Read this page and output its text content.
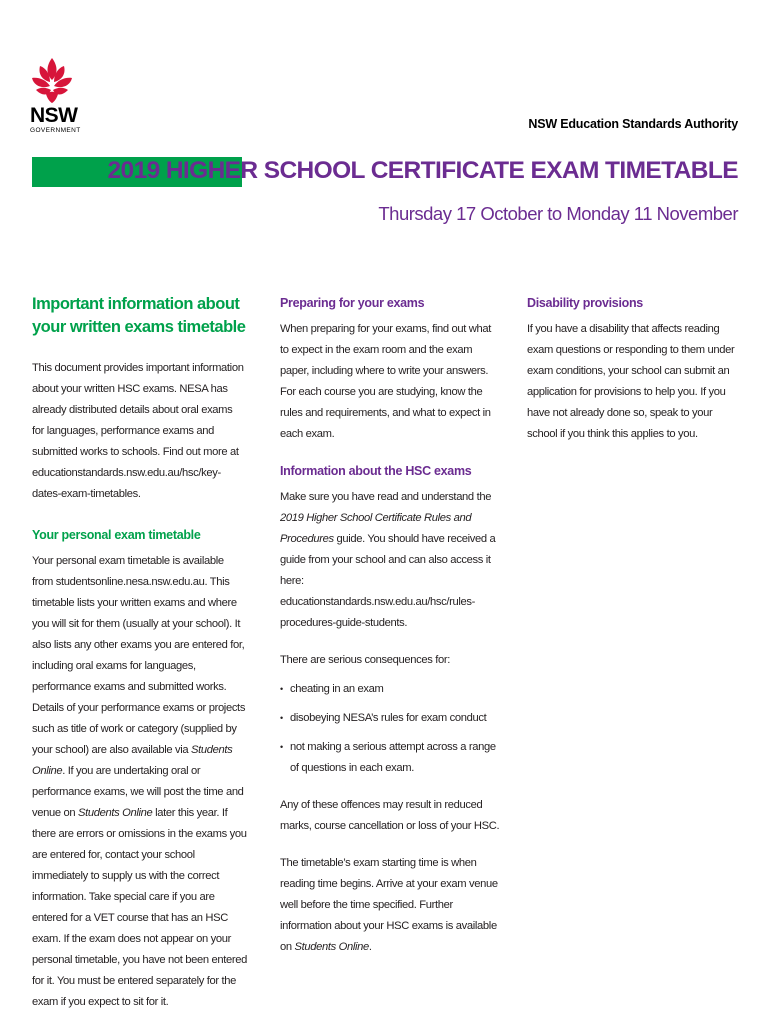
NSW
GOVERNMENT	NSW Education Standards Authority
2019 HIGHER SCHOOL CERTIFICATE EXAM TIMETABLE
Thursday 17 October to Monday 11 November
Important information about your written exams timetable

This document provides important information about your written HSC exams. NESA has already distributed details about oral exams for languages, performance exams and submitted works to schools. Find out more at educationstandards.nsw.edu.au/hsc/key-dates-exam-timetables.

Your personal exam timetable

Your personal exam timetable is available from studentsonline.nesa.nsw.edu.au. This timetable lists your written exams and where you will sit for them (usually at your school). It also lists any other exams you are entered for, including oral exams for languages, performance exams and submitted works. Details of your performance exams or projects such as title of work or category (supplied by your school) are also available via Students Online. If you are undertaking oral or performance exams, we will post the time and venue on Students Online later this year. If there are errors or omissions in the exams you are entered for, contact your school immediately to supply us with the correct information. Take special care if you are entered for a VET course that has an HSC exam. If the exam does not appear on your personal timetable, you have not been entered for it. You must be entered separately for the exam if you expect to sit for it.

Preparing for your exams

When preparing for your exams, find out what to expect in the exam room and the exam paper, including where to write your answers. For each course you are studying, know the rules and requirements, and what to expect in each exam.

Information about the HSC exams

Make sure you have read and understand the 2019 Higher School Certificate Rules and Procedures guide. You should have received a guide from your school and can also access it here: educationstandards.nsw.edu.au/hsc/rules-procedures-guide-students.

There are serious consequences for:

• cheating in an exam

• disobeying NESA’s rules for exam conduct

• not making a serious attempt across a range of questions in each exam.

Any of these offences may result in reduced marks, course cancellation or loss of your HSC.

The timetable’s exam starting time is when reading time begins. Arrive at your exam venue well before the time specified. Further information about your HSC exams is available on Students Online.

Disability provisions

If you have a disability that affects reading exam questions or responding to them under exam conditions, your school can submit an application for provisions to help you. If you have not already done so, speak to your school if you think this applies to you.
